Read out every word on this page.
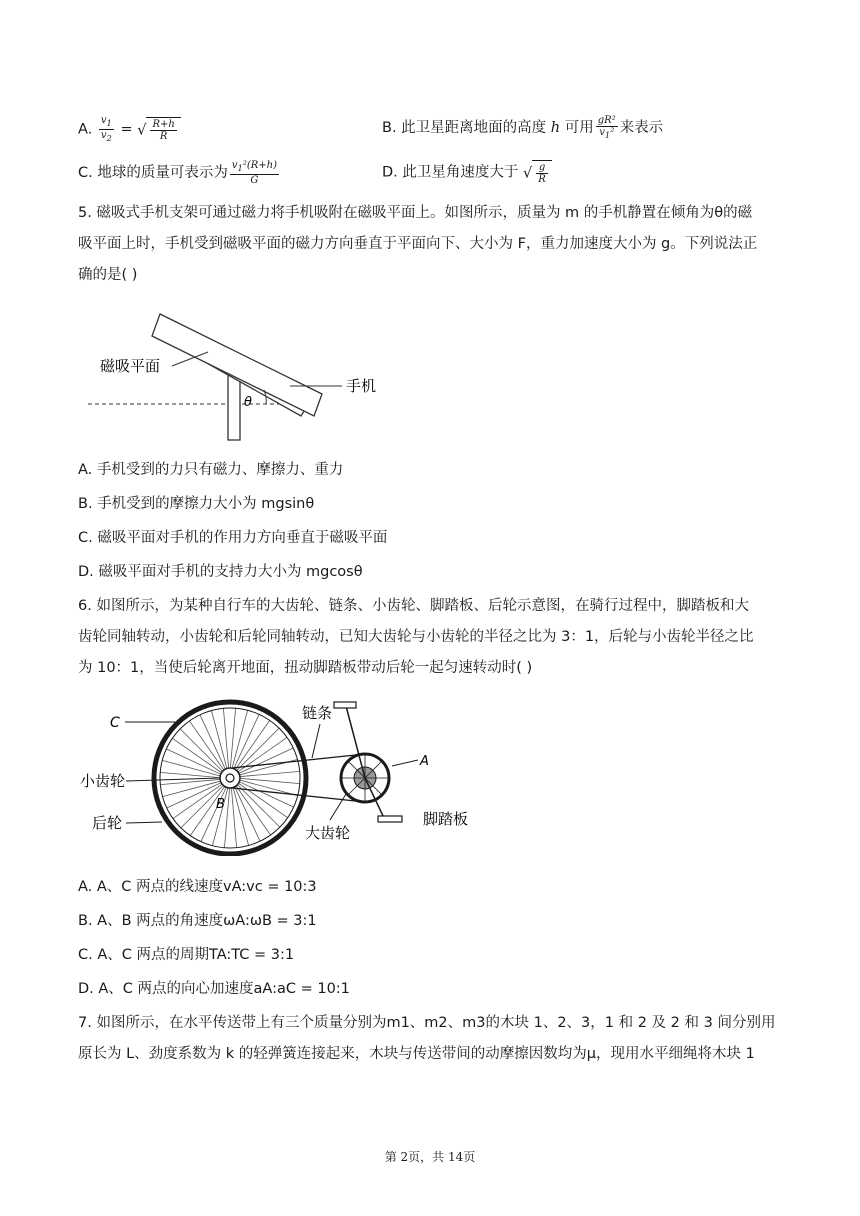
A. $\frac{v_1}{v_2}$ = √ $\frac{R+h}{R}$	B. 此卫星距离地面的高度 h 可用 $\frac{\text{gR²}}{v_1^2}$ 来表示
C. 地球的质量可表示为 $\frac{v_1^2(R+h)}{G}$	D. 此卫星角速度大于 √ $\frac{g}{R}$
5. 磁吸式手机支架可通过磁力将手机吸附在磁吸平面上。如图所示，质量为 m 的手机静置在倾角为θ的磁
吸平面上时，手机受到磁吸平面的磁力方向垂直于平面向下、大小为 F，重力加速度大小为 g。下列说法正
确的是( )
θ
磁吸平面
手机
A. 手机受到的力只有磁力、摩擦力、重力
B. 手机受到的摩擦力大小为 mgsinθ
C. 磁吸平面对手机的作用力方向垂直于磁吸平面
D. 磁吸平面对手机的支持力大小为 mgcosθ
6. 如图所示，为某种自行车的大齿轮、链条、小齿轮、脚踏板、后轮示意图，在骑行过程中，脚踏板和大
齿轮同轴转动，小齿轮和后轮同轴转动，已知大齿轮与小齿轮的半径之比为 3：1，后轮与小齿轮半径之比
为 10：1，当使后轮离开地面，扭动脚踏板带动后轮一起匀速转动时( )
C
链条
A
小齿轮
B
后轮
大齿轮
脚踏板
A. A、C 两点的线速度vA:vc = 10:3
B. A、B 两点的角速度ωA:ωB = 3:1
C. A、C 两点的周期TA:TC = 3:1
D. A、C 两点的向心加速度aA:aC = 10:1
7. 如图所示，在水平传送带上有三个质量分别为m1、m2、m3的木块 1、2、3，1 和 2 及 2 和 3 间分别用
原长为 L、劲度系数为 k 的轻弹簧连接起来，木块与传送带间的动摩擦因数均为μ，现用水平细绳将木块 1
第 2页，共 14页
